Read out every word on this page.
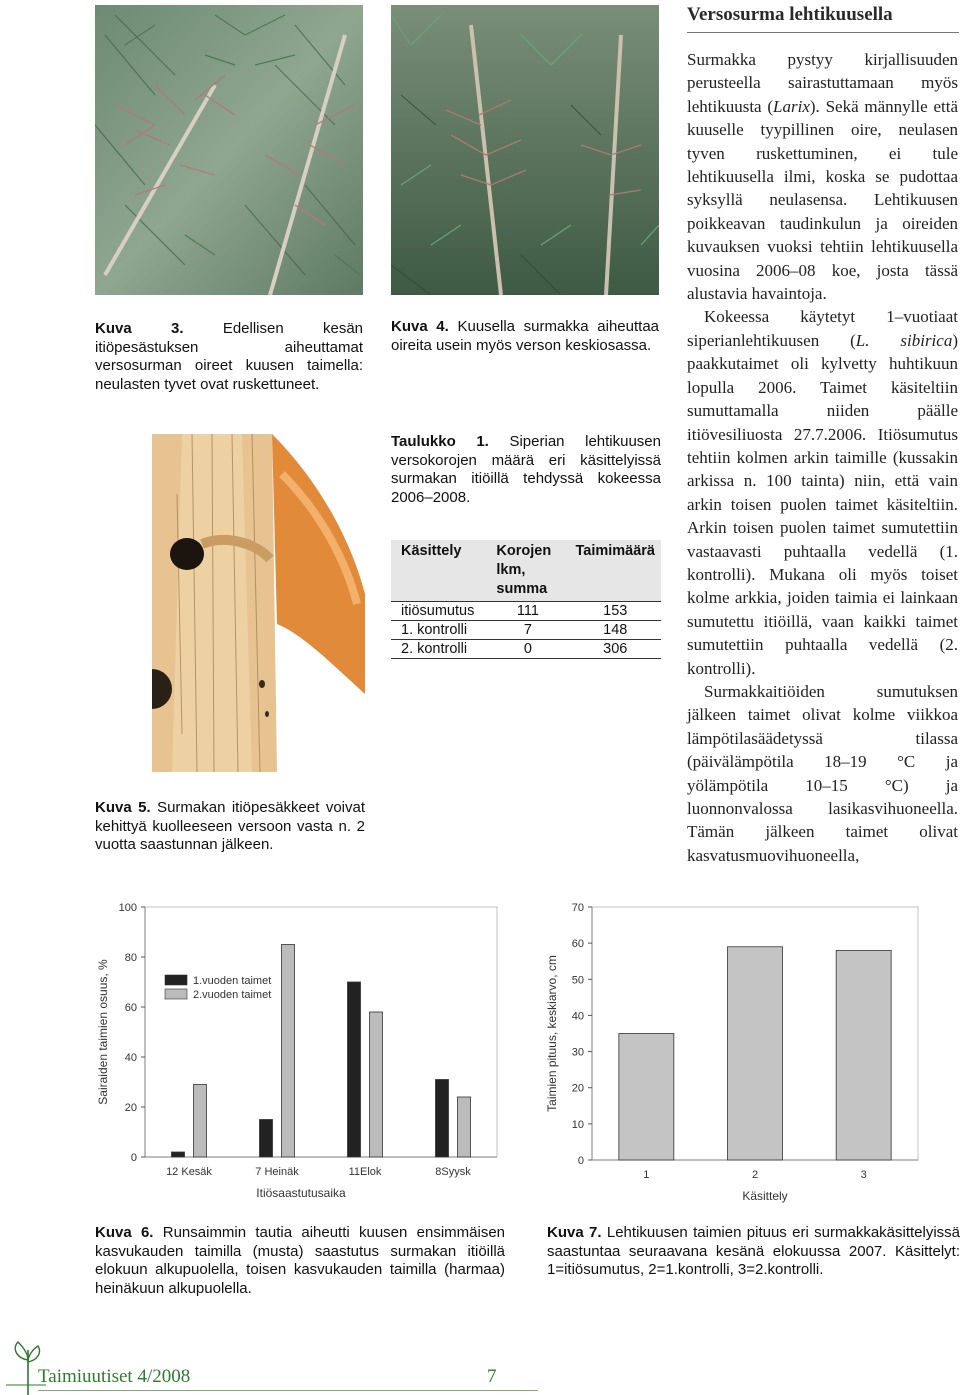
Kuva 3.	Edellisen kesän itiöpesästuksen aiheuttamat versosurman oireet kuusen taimella: neulasten tyvet ovat ruskettuneet.
Kuva 4. Kuusella surmakka aiheuttaa oireita usein myös verson keskiosassa.
Kuva 5. Surmakan itiöpesäkkeet voivat kehittyä kuolleeseen versoon vasta n. 2 vuotta saastunnan jälkeen.
Taulukko 1. Siperian lehtikuusen versokorojen määrä eri käsittelyissä surmakan itiöillä tehdyssä kokeessa 2006–2008.
Käsittely	Korojen lkm, summa	Taimimäärä
itiösumutus	111	153
1. kontrolli	7	148
2. kontrolli	0	306
Versosurma lehtikuusella

Surmakka pystyy kirjallisuuden perusteella sairastuttamaan myös lehtikuusta (Larix). Sekä männylle että kuuselle tyypillinen oire, neulasen tyven ruskettuminen, ei tule lehtikuusella ilmi, koska se pudottaa syksyllä neulasensa. Lehtikuusen poikkeavan taudinkulun ja oireiden kuvauksen vuoksi tehtiin lehtikuusella vuosina 2006–08 koe, josta tässä alustavia havaintoja.

Kokeessa käytetyt 1–vuotiaat siperianlehtikuusen (L. sibirica) paakkutaimet oli kylvetty huhtikuun lopulla 2006. Taimet käsiteltiin sumuttamalla niiden päälle itiövesiliuosta 27.7.2006. Itiösumutus tehtiin kolmen arkin taimille (kussakin arkissa n. 100 tainta) niin, että vain arkin toisen puolen taimet käsiteltiin. Arkin toisen puolen taimet sumutettiin vastaavasti puhtaalla vedellä (1. kontrolli). Mukana oli myös toiset kolme arkkia, joiden taimia ei lainkaan sumutettu itiöillä, vaan kaikki taimet sumutettiin puhtaalla vedellä (2. kontrolli).

Surmakkaitiöiden sumutuksen jälkeen taimet olivat kolme viikkoa lämpötilasäädetyssä tilassa (päivälämpötila 18–19 °C ja yölämpötila 10–15 °C) ja luonnonvalossa lasikasvihuoneella. Tämän jälkeen taimet olivat kasvatusmuovihuoneella,

0
20
40
60
80
100
12 Kesäk	7 Heinäk	11Elok	8Syysk
Itiösaastutusaika
Sairaiden taimien osuus, %	1.vuoden taimet
2.vuoden taimet
0
10
20
30
40
50
60
70
1	2	3
Käsittely
Taimien pituus, keskiarvo, cm
Kuva 6. Runsaimmin tautia aiheutti kuusen ensimmäisen kasvukauden taimilla (musta) saastutus surmakan itiöillä elokuun alkupuolella, toisen kasvukauden taimilla (harmaa) heinäkuun alkupuolella.
Kuva 7. Lehtikuusen taimien pituus eri surmakkakäsittelyissä saastuntaa seuraavana kesänä elokuussa 2007. Käsittelyt: 1=itiösumutus, 2=1.kontrolli, 3=2.kontrolli.
Taimiuutiset 4/2008	7
